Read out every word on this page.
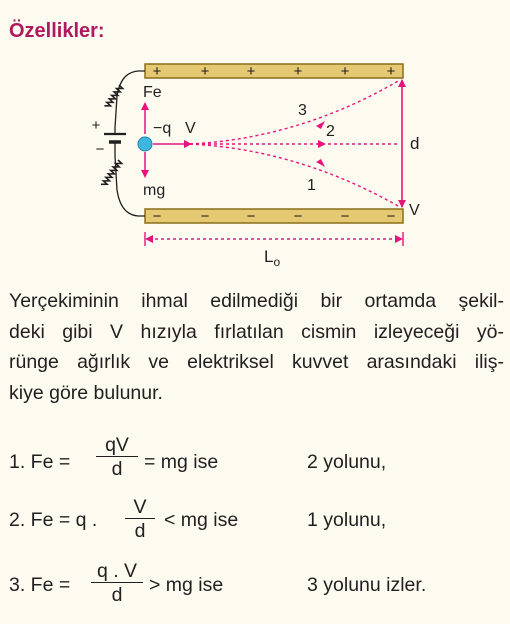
Özellikler:
+	+ +	+	+ +
−	− −	−	− −
+
−
Fe
mg
−q V
3
2
1
d
V
$L_o$
Yerçekiminin ihmal edilmediği bir ortamda şekil-
deki gibi V hızıyla fırlatılan cismin izleyeceği yö-
rünge ağırlık ve elektriksel kuvvet arasındaki iliş-
kiye göre bulunur.
1. $Fe = \frac{qV}{d}$ = mg ise	2 yolunu,
2. Fe = q . $\frac{V}{d}$ < mg ise	1 yolunu,
3. $Fe = \frac{q . V}{d}$ > mg ise	3 yolunu izler.
